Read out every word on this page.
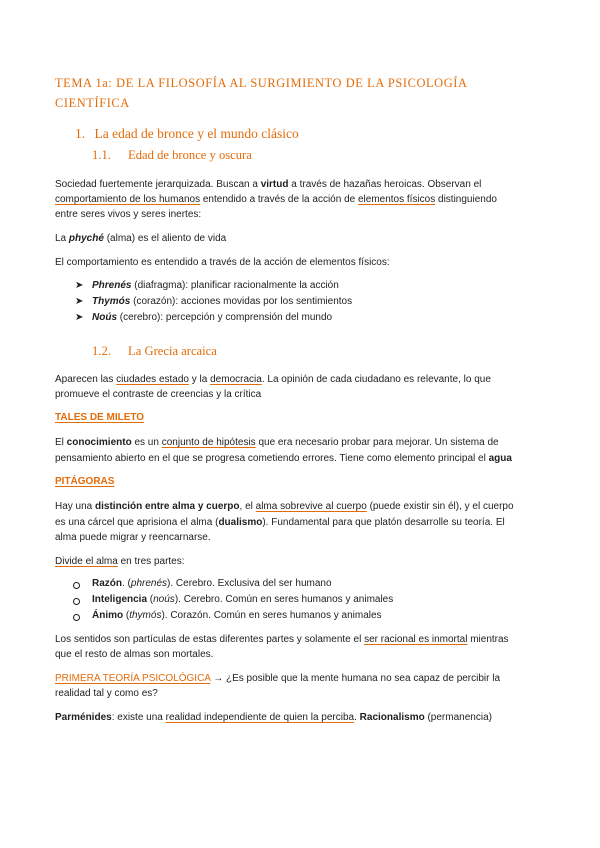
TEMA 1a: DE LA FILOSOFÍA AL SURGIMIENTO DE LA PSICOLOGÍA
CIENTÍFICA
1. La edad de bronce y el mundo clásico
1.1. Edad de bronce y oscura
Sociedad fuertemente jerarquizada. Buscan a virtud a través de hazañas heroicas. Observan el
comportamiento de los humanos entendido a través de la acción de elementos físicos distinguiendo
entre seres vivos y seres inertes:
La phyché (alma) es el aliento de vida
El comportamiento es entendido a través de la acción de elementos físicos:
➤ Phrenés (diafragma): planificar racionalmente la acción
➤ Thymós (corazón): acciones movidas por los sentimientos
➤ Noús (cerebro): percepción y comprensión del mundo
1.2. La Grecia arcaica
Aparecen las ciudades estado y la democracia. La opinión de cada ciudadano es relevante, lo que
promueve el contraste de creencias y la crítica
TALES DE MILETO
El conocimiento es un conjunto de hipótesis que era necesario probar para mejorar. Un sistema de
pensamiento abierto en el que se progresa cometiendo errores. Tiene como elemento principal el agua
PITÁGORAS
Hay una distinción entre alma y cuerpo, el alma sobrevive al cuerpo (puede existir sin él), y el cuerpo
es una cárcel que aprisiona el alma (dualismo). Fundamental para que platón desarrolle su teoría. El
alma puede migrar y reencarnarse.
Divide el alma en tres partes:
Razón. (phrenés). Cerebro. Exclusiva del ser humano
Inteligencia (noús). Cerebro. Común en seres humanos y animales
Ánimo (thymós). Corazón. Común en seres humanos y animales
Los sentidos son partículas de estas diferentes partes y solamente el ser racional es inmortal mientras
que el resto de almas son mortales.
PRIMERA TEORÍA PSICOLÓGICA → ¿Es posible que la mente humana no sea capaz de percibir la
realidad tal y como es?
Parménides: existe una realidad independiente de quien la perciba. Racionalismo (permanencia)
